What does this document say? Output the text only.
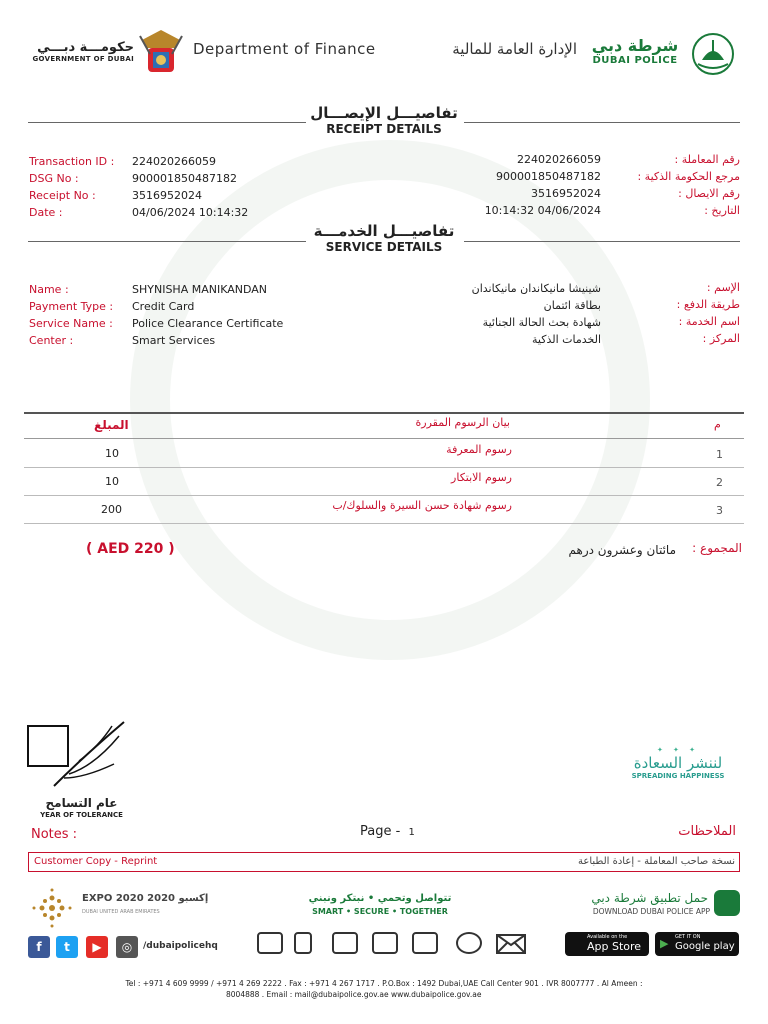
حكومـــة دبـــي
GOVERNMENT OF DUBAI
Department of Finance	الإدارة العامة للمالية شرطة دبي
DUBAI POLICE
تفاصيـــل الإيصـــال
RECEIPT DETAILS
Transaction ID : 224020266059	224020266059	رقم المعاملة :
DSG No :	900001850487182	900001850487182	مرجع الحكومة الذكية :
Receipt No :	3516952024	3516952024	رقم الايصال :
Date :	04/06/2024 10:14:32	04/06/2024 10:14:32	التاريخ :
تفاصيـــل الخدمـــة
SERVICE DETAILS
Name :	SHYNISHA MANIKANDAN	شينيشا مانيكاندان مانيكاندان	الإسم :
Payment Type : Credit Card	بطاقة ائتمان	طريقة الدفع :
Service Name : Police Clearance Certificate	شهادة بحث الحالة الجنائية	اسم الخدمة :
Center :	Smart Services	الخدمات الذكية	المركز :
المبلغ	بيان الرسوم المقررة	م
10	رسوم المعرفة	1
10	رسوم الابتكار	2
200	رسوم شهادة حسن السيرة والسلوك/ب	3
( AED 220 )	مائتان وعشرون درهم	المجموع :
عام التسامح
YEAR OF TOLERANCE
✦ ✦ ✦
لننشر السعادة
SPREADING HAPPINESS
Notes :	Page - 1	الملاحظات
Customer Copy - Reprint	نسخة صاحب المعاملة - إعادة الطباعة
EXPO 2020 إكسبو 2020
DUBAI UNITED ARAB EMIRATES
f	t	▶	◎	/dubaipolicehq
تتواصل وتحمي • نبتكر ونبني
SMART • SECURE • TOGETHER
حمل تطبيق شرطة دبي
DOWNLOAD DUBAI POLICE APP
Available on the
App Store ▶ GET IT ON
Google play
Tel : +971 4 609 9999 / +971 4 269 2222 . Fax : +971 4 267 1717 . P.O.Box : 1492 Dubai,UAE Call Center 901 . IVR 8007777 . Al Ameen :
8004888 . Email : mail@dubaipolice.gov.ae www.dubaipolice.gov.ae
